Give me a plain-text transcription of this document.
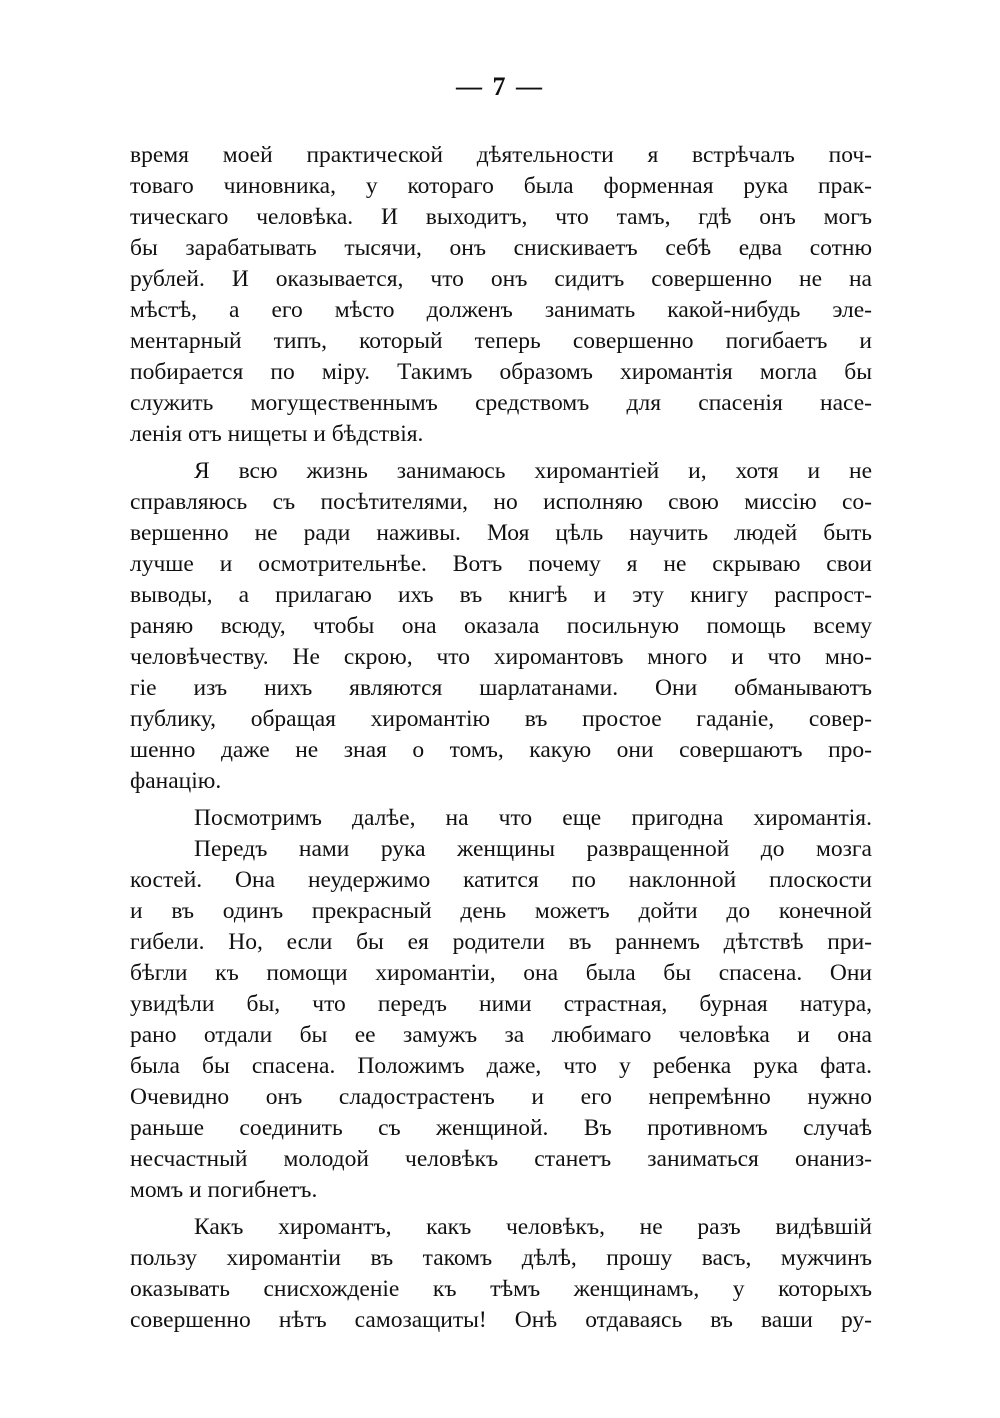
— 7 —
время моей практической дѣятельности я встрѣчалъ поч-
товаго чиновника, у котораго была форменная рука прак-
тическаго человѣка. И выходитъ, что тамъ, гдѣ онъ могъ
бы зарабатывать тысячи, онъ снискиваетъ себѣ едва сотню
рублей. И оказывается, что онъ сидитъ совершенно не на
мѣстѣ, а его мѣсто долженъ занимать какой-нибудь эле-
ментарный типъ, который теперь совершенно погибаетъ и
побирается по міру. Такимъ образомъ хиромантія могла бы
служить могущественнымъ средствомъ для спасенія насе-
ленія отъ нищеты и бѣдствія.
Я всю жизнь занимаюсь хиромантіей и, хотя и не
справляюсь съ посѣтителями, но исполняю свою миссію со-
вершенно не ради наживы. Моя цѣль научить людей быть
лучше и осмотрительнѣе. Вотъ почему я не скрываю свои
выводы, а прилагаю ихъ въ книгѣ и эту книгу распрост-
раняю всюду, чтобы она оказала посильную помощь всему
человѣчеству. Не скрою, что хиромантовъ много и что мно-
гіе изъ нихъ являются шарлатанами. Они обманываютъ
публику, обращая хиромантію въ простое гаданіе, совер-
шенно даже не зная о томъ, какую они совершаютъ про-
фанацію.
Посмотримъ далѣе, на что еще пригодна хиромантія.
Передъ нами рука женщины развращенной до мозга
костей. Она неудержимо катится по наклонной плоскости
и въ одинъ прекрасный день можетъ дойти до конечной
гибели. Но, если бы ея родители въ раннемъ дѣтствѣ при-
бѣгли къ помощи хиромантіи, она была бы спасена. Они
увидѣли бы, что передъ ними страстная, бурная натура,
рано отдали бы ее замужъ за любимаго человѣка и она
была бы спасена. Положимъ даже, что у ребенка рука фата.
Очевидно онъ сладострастенъ и его непремѣнно нужно
раньше соединить съ женщиной. Въ противномъ случаѣ
несчастный молодой человѣкъ станетъ заниматься онаниз-
момъ и погибнетъ.
Какъ хиромантъ, какъ человѣкъ, не разъ видѣвшій
пользу хиромантіи въ такомъ дѣлѣ, прошу васъ, мужчинъ
оказывать снисхожденіе къ тѣмъ женщинамъ, у которыхъ
совершенно нѣтъ самозащиты! Онѣ отдаваясь въ ваши ру-
